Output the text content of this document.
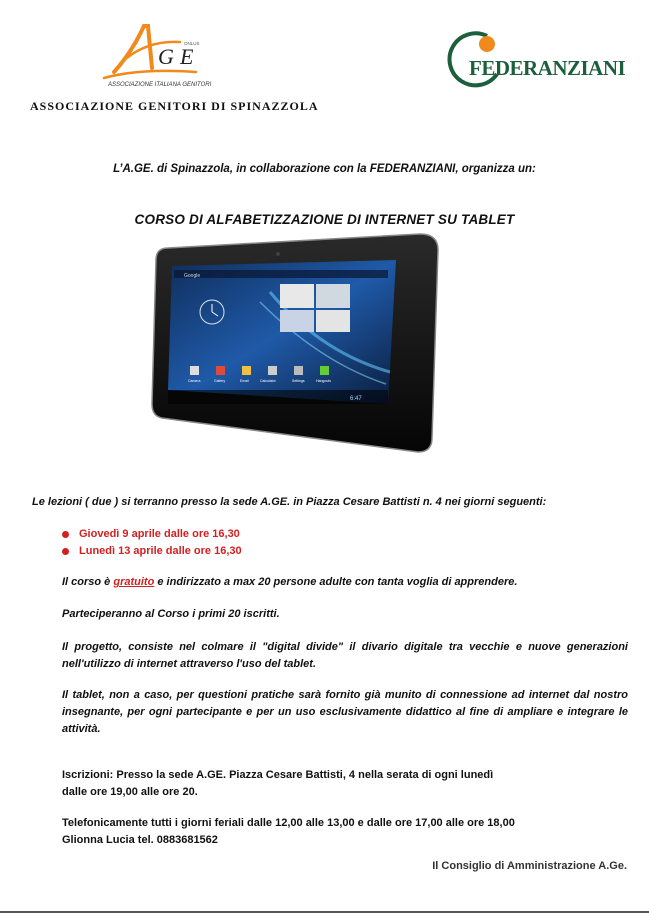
G E
ONLUS
ASSOCIAZIONE ITALIANA GENITORI
ASSOCIAZIONE GENITORI DI SPINAZZOLA
FEDERANZIANI
L’A.GE. di Spinazzola, in collaborazione con la FEDERANZIANI, organizza un:
CORSO DI ALFABETIZZAZIONE DI INTERNET SU TABLET
Google
Camera	Gallery	Email	Calculator	Settings	Hangouts
6:47
Le lezioni ( due ) si terranno presso la sede A.GE. in Piazza Cesare Battisti n. 4 nei giorni seguenti:
Giovedì 9 aprile dalle ore 16,30
Lunedì 13 aprile dalle ore 16,30
Il corso è gratuito e indirizzato a max 20 persone adulte con tanta voglia di apprendere.
Parteciperanno al Corso i primi 20 iscritti.
Il progetto, consiste nel colmare il "digital divide" il divario digitale tra vecchie e nuove generazioni nell'utilizzo di internet attraverso l'uso del tablet.
Il tablet, non a caso, per questioni pratiche sarà fornito già munito di connessione ad internet dal nostro insegnante, per ogni partecipante e per un uso esclusivamente didattico al fine di ampliare e integrare le attività.
Iscrizioni: Presso la sede A.GE. Piazza Cesare Battisti, 4 nella serata di ogni lunedì
dalle ore 19,00 alle ore 20.
Telefonicamente tutti i giorni feriali dalle 12,00 alle 13,00 e dalle ore 17,00 alle ore 18,00
Glionna Lucia tel. 0883681562
Il Consiglio di Amministrazione A.Ge.
